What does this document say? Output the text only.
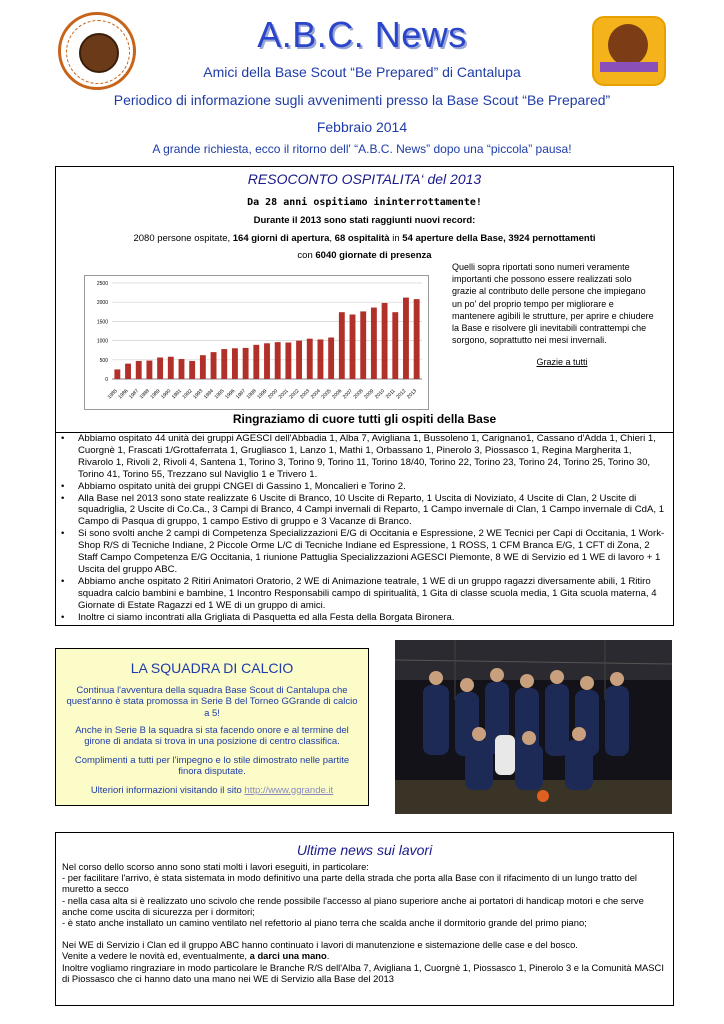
A.B.C. News
Amici della Base Scout “Be Prepared” di Cantalupa
Periodico di informazione sugli avvenimenti presso la Base Scout “Be Prepared”
Febbraio 2014
A grande richiesta, ecco il ritorno dell' “A.B.C. News” dopo una “piccola” pausa!
RESOCONTO OSPITALITA‘ del 2013
Da 28 anni ospitiamo ininterrottamente!
Durante il 2013 sono stati raggiunti nuovi record:
2080 persone ospitate, 164 giorni di apertura, 68 ospitalità in 54 aperture della Base, 3924 pernottamenti
con 6040 giornate di presenza
0
500
1000
1500
2000
2500
1985
1986
1987
1988
1989
1990
1991
1992
1993
1994
1995
1996
1997
1998
1999
2000
2001
2002
2003
2004
2005
2006
2007
2008
2009
2010
2011
2012
2013
Quelli sopra riportati sono numeri veramente importanti che possono essere realizzati solo grazie al contributo delle persone che impiegano un po' del proprio tempo per migliorare e mantenere agibili le strutture, per aprire e chiudere la Base e risolvere gli inevitabili contrattempi che sorgono, soprattutto nei mesi invernali.
Grazie a tutti
Ringraziamo di cuore tutti gli ospiti della Base
• Abbiamo ospitato 44 unità dei gruppi AGESCI dell'Abbadia 1, Alba 7, Avigliana 1, Bussoleno 1, Carignano1, Cassano d'Adda 1, Chieri 1, Cuorgnè 1, Frascati 1/Grottaferrata 1, Grugliasco 1, Lanzo 1, Mathi 1, Orbassano 1, Pinerolo 3, Piossasco 1, Regina Margherita 1, Rivarolo 1, Rivoli 2, Rivoli 4, Santena 1, Torino 3, Torino 9, Torino 11, Torino 18/40, Torino 22, Torino 23, Torino 24, Torino 25, Torino 30, Torino 41, Torino 55, Trezzano sul Naviglio 1 e Trivero 1.
• Abbiamo ospitato unità dei gruppi CNGEI di Gassino 1, Moncalieri e Torino 2.
• Alla Base nel 2013 sono state realizzate 6 Uscite di Branco, 10 Uscite di Reparto, 1 Uscita di Noviziato, 4 Uscite di Clan, 2 Uscite di squadriglia, 2 Uscite di Co.Ca., 3 Campi di Branco, 4 Campi invernali di Reparto, 1 Campo invernale di Clan, 1 Campo invernale di CdA, 1 Campo di Pasqua di gruppo, 1 campo Estivo di gruppo e 3 Vacanze di Branco.
• Si sono svolti anche 2 campi di Competenza Specializzazioni E/G di Occitania e Espressione, 2 WE Tecnici per Capi di Occitania, 1 Work-Shop R/S di Tecniche Indiane, 2 Piccole Orme L/C di Tecniche Indiane ed Espressione, 1 ROSS, 1 CFM Branca E/G, 1 CFT di Zona, 2 Staff Campo Competenza E/G Occitania, 1 riunione Pattuglia Specializzazioni AGESCI Piemonte, 8 WE di Servizio ed 1 WE di lavoro + 1 Uscita del gruppo ABC.
• Abbiamo anche ospitato 2 Ritiri Animatori Oratorio, 2 WE di Animazione teatrale, 1 WE di un gruppo ragazzi diversamente abili, 1 Ritiro squadra calcio bambini e bambine, 1 Incontro Responsabili campo di spiritualità, 1 Gita di classe scuola media, 1 Gita scuola materna, 4 Giornate di Estate Ragazzi ed 1 WE di un gruppo di amici.
• Inoltre ci siamo incontrati alla Grigliata di Pasquetta ed alla Festa della Borgata Bironera.
LA SQUADRA DI CALCIO
Continua l'avventura della squadra Base Scout di Cantalupa che quest'anno è stata promossa in Serie B del Torneo GGrande di calcio a 5!
Anche in Serie B la squadra si sta facendo onore e al termine del girone di andata si trova in una posizione di centro classifica.
Complimenti a tutti per l'impegno e lo stile dimostrato nelle partite finora disputate.
Ulteriori informazioni visitando il sito http://www.ggrande.it
Ultime news sui lavori
Nel corso dello scorso anno sono stati molti i lavori eseguiti, in particolare:
- per facilitare l'arrivo, è stata sistemata in modo definitivo una parte della strada che porta alla Base con il rifacimento di un lungo tratto del muretto a secco
- nella casa alta si è realizzato uno scivolo che rende possibile l'accesso al piano superiore anche ai portatori di handicap motori e che serve anche come uscita di sicurezza per i dormitori;
- è stato anche installato un camino ventilato nel refettorio al piano terra che scalda anche il dormitorio grande del primo piano;
Nei WE di Servizio i Clan ed il gruppo ABC hanno continuato i lavori di manutenzione e sistemazione delle case e del bosco.
Venite a vedere le novità ed, eventualmente, a darci una mano.
Inoltre vogliamo ringraziare in modo particolare le Branche R/S dell'Alba 7, Avigliana 1, Cuorgnè 1, Piossasco 1, Pinerolo 3 e la Comunità MASCI di Piossasco che ci hanno dato una mano nei WE di Servizio alla Base del 2013
